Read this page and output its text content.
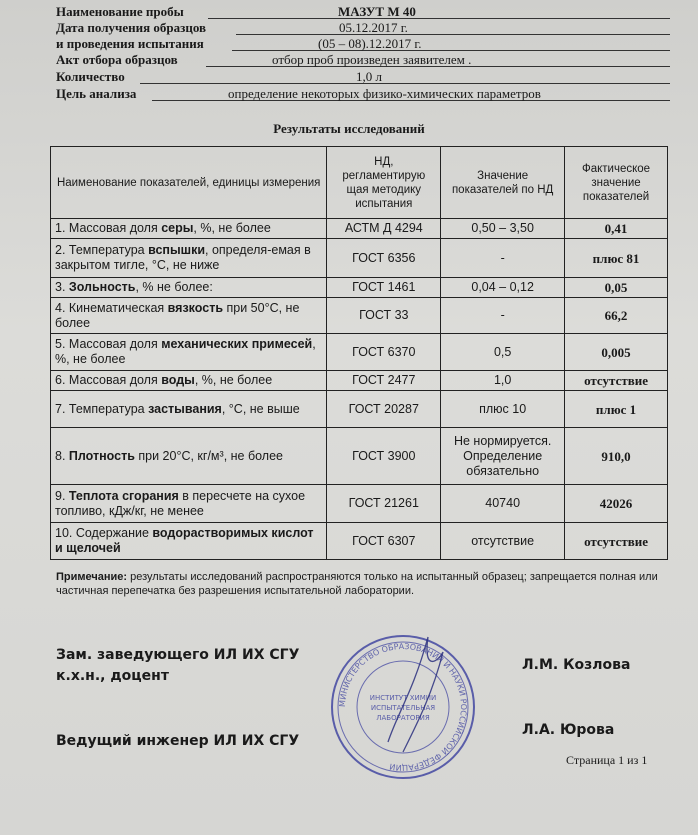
Наименование пробы	МАЗУТ М 40
Дата получения образцов	05.12.2017 г.
и проведения испытания	(05 – 08).12.2017 г.
Акт отбора образцов	отбор проб произведен заявителем .
Количество	1,0 л
Цель анализа	определение некоторых физико-химических параметров
Результаты исследований
Наименование показателей, единицы измерения	НД, регламентирую щая методику испытания	Значение показателей по НД	Фактическое значение показателей
1. Массовая доля серы, %, не более	АСТМ Д 4294	0,50 – 3,50	0,41
2. Температура вспышки, определя-емая в закрытом тигле, °С, не ниже	ГОСТ 6356	-	плюс 81
3. Зольность, % не более:	ГОСТ 1461	0,04 – 0,12	0,05
4. Кинематическая вязкость при 50°С, не более	ГОСТ 33	-	66,2
5. Массовая доля механических примесей, %, не более	ГОСТ 6370	0,5	0,005
6. Массовая доля воды, %, не более	ГОСТ 2477	1,0	отсутствие
7. Температура застывания, °С, не выше	ГОСТ 20287	плюс 10	плюс 1
8. Плотность при 20°С, кг/м³, не более	ГОСТ 3900	Не нормируется. Определение обязательно	910,0
9. Теплота сгорания в пересчете на сухое топливо, кДж/кг, не менее	ГОСТ 21261	40740	42026
10. Содержание водорастворимых кислот и щелочей	ГОСТ 6307	отсутствие	отсутствие
Примечание: результаты исследований распространяются только на испытанный образец; запрещается полная или частичная перепечатка без разрешения испытательной лаборатории.
Зам. заведующего ИЛ ИХ СГУ
к.х.н., доцент
Л.М. Козлова
Ведущий инженер ИЛ ИХ СГУ
Л.А. Юрова
МИНИСТЕРСТВО ОБРАЗОВАНИЯ И НАУКИ РОССИЙСКОЙ ФЕДЕРАЦИИ
ИНСТИТУТ ХИМИИ
ИСПЫТАТЕЛЬНАЯ
ЛАБОРАТОРИЯ
Страница 1 из 1
